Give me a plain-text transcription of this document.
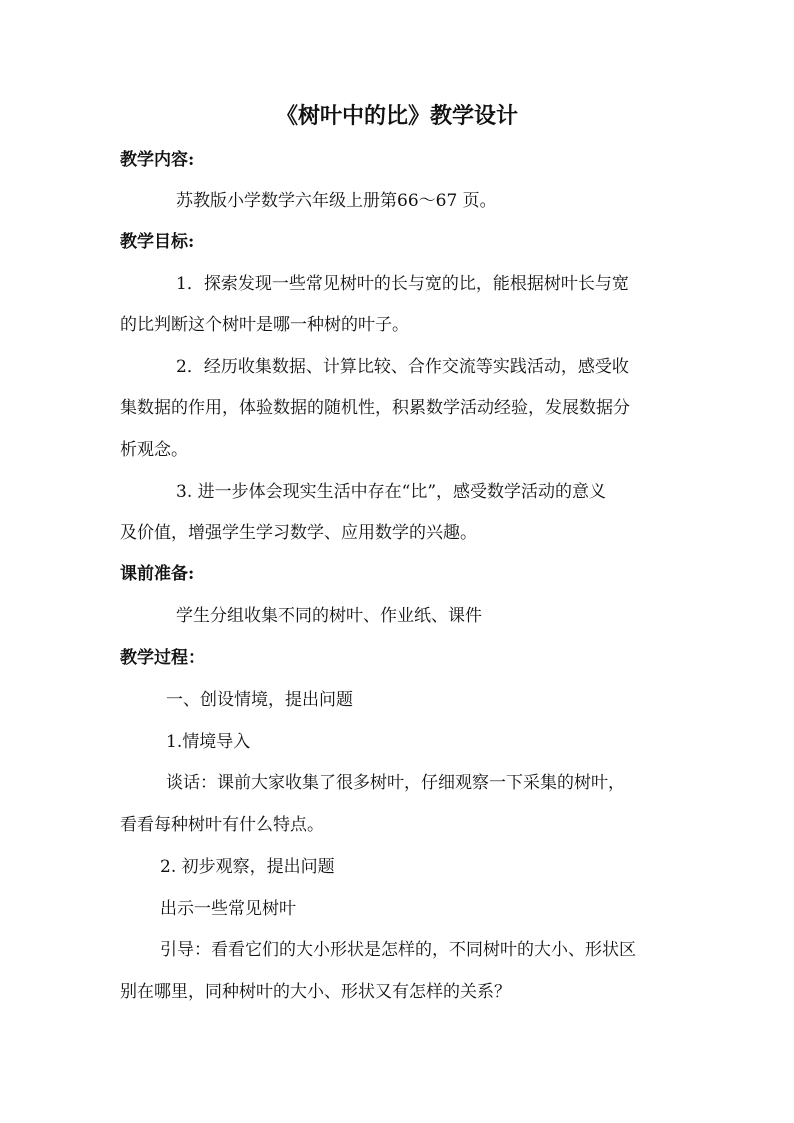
《树叶中的比》教学设计
教学内容:
苏教版小学数学六年级上册第66～67 页。
教学目标:
1．探索发现一些常见树叶的长与宽的比，能根据树叶长与宽
的比判断这个树叶是哪一种树的叶子。
2．经历收集数据、计算比较、合作交流等实践活动，感受收
集数据的作用，体验数据的随机性，积累数学活动经验，发展数据分
析观念。
3. 进一步体会现实生活中存在“比”，感受数学活动的意义
及价值，增强学生学习数学、应用数学的兴趣。
课前准备:
学生分组收集不同的树叶、作业纸、课件
教学过程：
一、创设情境，提出问题
1.情境导入
谈话：课前大家收集了很多树叶，仔细观察一下采集的树叶，
看看每种树叶有什么特点。
2. 初步观察，提出问题
出示一些常见树叶
引导：看看它们的大小形状是怎样的，不同树叶的大小、形状区
别在哪里，同种树叶的大小、形状又有怎样的关系？
